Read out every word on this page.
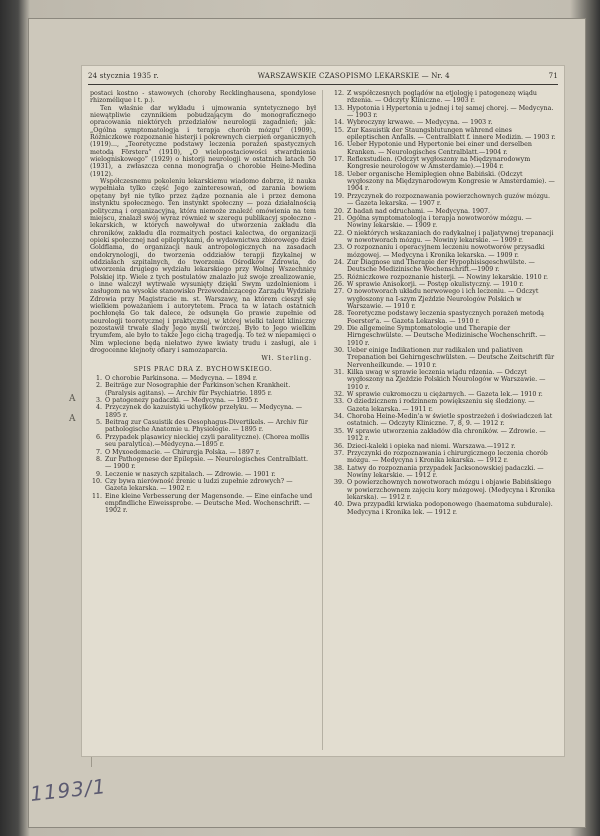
A
A
24 stycznia 1935 r.	WARSZAWSKIE CZASOPISMO LEKARSKIE — Nr. 4	71

postaci kostno - stawowych (choroby Recklinghausena, spondylose rhizomélique i t. p.).

Ten właśnie dar wykładu i ujmowania syntetycznego był niewątpliwie czynnikiem pobudzającym do monograficznego opracowania niektórych przedziałów neurologii zagadnień; jak: „Ogólna symptomatologja i terapja chorób mózgu” (1909)., Różniczkowe rozpoznanie histerji i pokrewnych cierpień organicznych (1919)..., „Teoretyczne podstawy leczenia porażeń spastycznych metodą Förstera” (1910), „O wielopostaciowości stwardnienia wielogniskowego” (1929) o historji neurologji w ostatnich latach 50 (1931), a zwłaszcza cenna monografja o chorobie Heine-Medina (1912).

Współczesnemu pokoleniu lekarskiemu wiadomo dobrze, iż nauka wypełniała tylko część Jego zainteresowań, od zarania bowiem opętany był nie tylko przez żądze poznania ale i przez demona instynktu społecznego. Ten instynkt społeczny — poza działalnością polityczną i organizacyjną, która niemoże znaleźć omówienia na tem miejscu, znalazł swój wyraz również w szeregu publikacyj społeczno - lekarskich, w których nawoływał do utworzenia zakładu dla chroników, zakładu dla rozmaitych postaci kalectwa, do organizacji opieki społecznej nad epileptykami, do wydawnictwa zbiorowego dzieł Goldflama, do organizacji nauk antropologicznych na zasadach endokrynologji, do tworzenia oddziałów terapji fizykalnej w oddziałach szpitalnych, do tworzenia Ośrodków Zdrowia, do utworzenia drugiego wydziału lekarskiego przy Wolnej Wszechnicy Polskiej itp. Wiele z tych postulatów znalazło już swoje zrealizowanie, o inne walczył wytrwale wysunięty dzięki Swym uzdolnieniom i zasługom na wysokie stanowisko Przewodniczącego Zarządu Wydziału Zdrowia przy Magistracie m. st. Warszawy, na którem cieszył się wielkiem poważaniem i autorytetem. Praca ta w latach ostatnich pochłonęła Go tak dalece, że odsunęła Go prawie zupełnie od neurologji teoretycznej i praktycznej, w której wielki talent kliniczny pozostawił trwałe ślady Jego myśli twórczej. Było to Jego wielkim tryumfem, ale było to także Jego cichą tragedją. To też w niepamięci o Nim wplecione będą niełatwo żywe kwiaty trudu i zasługi, ale i drogocenne klejnoty ofiary i samozaparcia.

Wł. Sterling.
SPIS PRAC DRA Z. BYCHOWSKIEGO.
1. O chorobie Parkinsona. — Medycyna. — 1894 r.
2. Beiträge zur Nosographie der Parkinson'schen Krankheit. (Paralysis agitans). — Archiv für Psychiatrie. 1895 r.
3. O patogenezy padaczki. — Medycyna. — 1895 r.
4. Przyczynek do kazuistyki uchyłków przełyku. — Medycyna. — 1895 r.
5. Beitrag zur Casuistik des Oesophagus-Divertikels. — Archiv für pathologische Anatomie u. Physiologie. — 1895 r.
6. Przypadek pląsawicy nieckiej czyli paralityczne). (Chorea mollis seu paralytica).—Medycyna.—1895 r.
7. O Myxoedemacie. — Chirurgja Polska. — 1897 r.
8. Zur Pathogenese der Epilepsie. — Neurologisches Centralblatt. — 1900 r.
9. Leczenie w naszych szpitalach. — Zdrowie. — 1901 r.
10. Czy bywa nierówność źrenic u ludzi zupełnie zdrowych? — Gazeta lekarska. — 1902 r.
11. Eine kleine Verbesserung der Magensonde. — Eine einfache und empfindliche Eiweissprobe. — Deutsche Med. Wochenschrift. — 1902 r.
12. Z współczesnych poglądów na etjologję i patogenezę wiądu rdzenia. — Odczyty Kliniczne. — 1903 r.
13. Hypotonia i Hypertonia u jednej i tej samej chorej. — Medycyna. — 1903 r.
14. Wybroczyny krwawe. — Medycyna. — 1903 r.
15. Zur Kasuistik der Staungsblutungen während eines epileptischen Anfalls. — Centralblatt f. innere Medizin. — 1903 r.
16. Ueber Hypotonie und Hypertonie bei einer und derselben Kranken. — Neurologisches Centralblatt.—1904 r.
17. Reflexstudien. (Odczyt wygłoszony na Międzynarodowym Kongresie neurologów w Amsterdamie).—1904 r.
18. Ueber organische Hemiplegien ohne Babiński. (Odczyt wygłoszony na Międzynarodowym Kongresie w Amsterdamie). — 1904 r.
19. Przyczynek do rozpoznawania powierzchownych guzów mózgu. — Gazeta lekarska. — 1907 r.
20. Z badań nad odruchami. — Medycyna. 1907.
21. Ogólna symptomatologja i terapja nowotworów mózgu. — Nowiny lekarskie. — 1909 r.
22. O niektórych wskazaniach do radykalnej i paljatywnej trepanacji w nowotworach mózgu. — Nowiny lekarskie. — 1909 r.
23. O rozpoznaniu i operacyjnem leczeniu nowotworów przysadki mózgowej. — Medycyna i Kronika lekarska. — 1909 r.
24. Zur Diagnose und Therapie der Hypophisisgeschwülste. — Deutsche Medizinische Wochenschrift.—1909 r.
25. Różniczkowe rozpoznanie histerji. — Nowiny lekarskie. 1910 r.
26. W sprawie Anisokorji. — Postęp okulistyczny. — 1910 r.
27. O nowotworach układu nerwowego i ich leczeniu. — Odczyt wygłoszony na I-szym Zjeździe Neurologów Polskich w Warszawie. — 1910 r.
28. Teoretyczne podstawy leczenia spastycznych porażeń metodą Foerster'a. — Gazeta Lekarska. — 1910 r.
29. Die allgemeine Symptomatologie und Therapie der Hirngeschwülste. — Deutsche Medizinische Wochenschrift. — 1910 r.
30. Ueber einige Indikationen zur radikalen und paliativen Trepanation bei Gehirngeschwülsten. — Deutsche Zeitschrift für Nervenheilkunde. — 1910 r.
31. Kilka uwag w sprawie leczenia wiądu rdzenia. — Odczyt wygłoszony na Zjeździe Polskich Neurologów w Warszawie. — 1910 r.
32. W sprawie cukromoczu u ciężarnych. — Gazeta lek.— 1910 r.
33. O dziedzicznem i rodzinnem powiększeniu się śledziony. — Gazeta lekarska. — 1911 r.
34. Choroba Heine-Medin'a w świetle spostrzeżeń i doświadczeń lat ostatnich. — Odczyty Kliniczne. 7, 8, 9. — 1912 r.
35. W sprawie utworzenia zakładów dla chroników. — Zdrowie. — 1912 r.
36. Dzieci-kaleki i opieka nad niemi. Warszawa.—1912 r.
37. Przyczynki do rozpoznawania i chirurgicznego leczenia chorób mózgu. — Medycyna i Kronika lekarska. — 1912 r.
38. Łatwy do rozpoznania przypadek Jacksonowskiej padaczki. — Nowiny lekarskie. — 1912 r.
39. O powierzchownych nowotworach mózgu i objawie Babińskiego w powierzchownem zajęciu kory mózgowej. (Medycyna i Kronika lekarska). — 1912 r.
40. Dwa przypadki krwiaka podoponowego (haematoma subdurale). Medycyna i Kronika lek. — 1912 r.
1193/1
